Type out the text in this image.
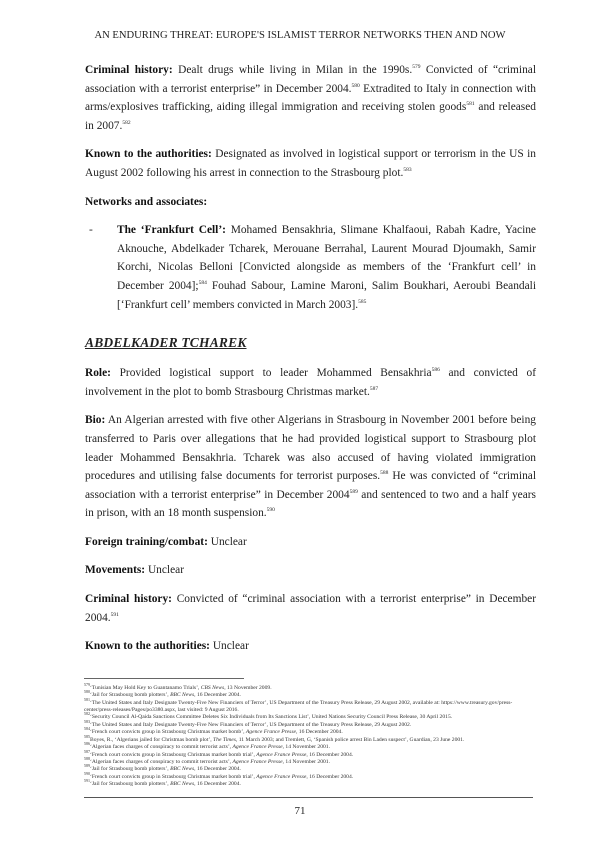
AN ENDURING THREAT: EUROPE'S ISLAMIST TERROR NETWORKS THEN AND NOW

Criminal history: Dealt drugs while living in Milan in the 1990s.$^{579}$ Convicted of “criminal association with a terrorist enterprise” in December 2004.$^{580}$ Extradited to Italy in connection with arms/explosives trafficking, aiding illegal immigration and receiving stolen goods$^{581}$ and released in 2007.$^{582}$

Known to the authorities: Designated as involved in logistical support or terrorism in the US in August 2002 following his arrest in connection to the Strasbourg plot.$^{583}$

Networks and associates:

-	The ‘Frankfurt Cell’: Mohamed Bensakhria, Slimane Khalfaoui, Rabah Kadre, Yacine Aknouche, Abdelkader Tcharek, Merouane Berrahal, Laurent Mourad Djoumakh, Samir Korchi, Nicolas Belloni [Convicted alongside as members of the ‘Frankfurt cell’ in December 2004];$^{584}$ Fouhad Sabour, Lamine Maroni, Salim Boukhari, Aeroubi Beandali [‘Frankfurt cell’ members convicted in March 2003].$^{585}$
ABDELKADER TCHAREK

Role: Provided logistical support to leader Mohammed Bensakhria$^{586}$ and convicted of involvement in the plot to bomb Strasbourg Christmas market.$^{587}$

Bio: An Algerian arrested with five other Algerians in Strasbourg in November 2001 before being transferred to Paris over allegations that he had provided logistical support to Strasbourg plot leader Mohammed Bensakhria. Tcharek was also accused of having violated immigration procedures and utilising false documents for terrorist purposes.$^{588}$ He was convicted of “criminal association with a terrorist enterprise” in December 2004$^{589}$ and sentenced to two and a half years in prison, with an 18 month suspension.$^{590}$

Foreign training/combat: Unclear

Movements: Unclear

Criminal history: Convicted of “criminal association with a terrorist enterprise” in December 2004.$^{591}$

Known to the authorities: Unclear

$^{579}$‘Tunisian May Hold Key to Guantanamo Trials’, CBS News, 13 November 2009.
$^{580}$‘Jail for Strasbourg bomb plotters’, BBC News, 16 December 2004.
$^{581}$‘The United States and Italy Designate Twenty-Five New Financiers of Terror’, US Department of the Treasury Press Release, 29 August 2002, available at: https://www.treasury.gov/press-center/press-releases/Pages/po3380.aspx, last visited: 9 August 2016.
$^{582}$‘Security Council Al-Qaida Sanctions Committee Deletes Six Individuals from Its Sanctions List’, United Nations Security Council Press Release, 30 April 2015.
$^{583}$‘The United States and Italy Designate Twenty-Five New Financiers of Terror’, US Department of the Treasury Press Release, 29 August 2002.
$^{584}$‘French court convicts group in Strasbourg Christmas market bomb’, Agence France Presse, 16 December 2004.
$^{585}$Boyes, R., ‘Algerians jailed for Christmas bomb plot’, The Times, 11 March 2003; and Tremlett, G, ‘Spanish police arrest Bin Laden suspect’, Guardian, 23 June 2001.
$^{586}$‘Algerian faces charges of conspiracy to commit terrorist acts’, Agence France Presse, 14 November 2001.
$^{587}$‘French court convicts group in Strasbourg Christmas market bomb trial’, Agence France Presse, 16 December 2004.
$^{588}$‘Algerian faces charges of conspiracy to commit terrorist acts’, Agence France Presse, 14 November 2001.
$^{589}$‘Jail for Strasbourg bomb plotters’, BBC News, 16 December 2004.
$^{590}$‘French court convicts group in Strasbourg Christmas market bomb trial’, Agence France Presse, 16 December 2004.
$^{591}$‘Jail for Strasbourg bomb plotters’, BBC News, 16 December 2004.
71
